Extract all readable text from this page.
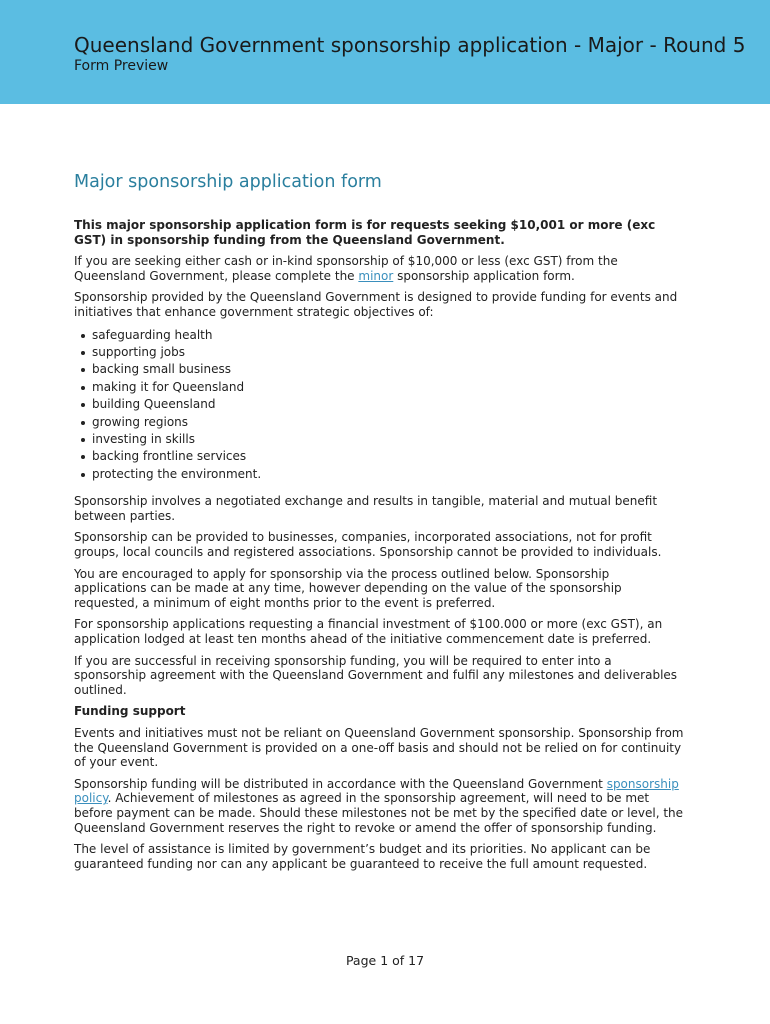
Queensland Government sponsorship application - Major - Round 5
Form Preview
Major sponsorship application form

This major sponsorship application form is for requests seeking $10,001 or more (exc GST) in sponsorship funding from the Queensland Government.

If you are seeking either cash or in-kind sponsorship of $10,000 or less (exc GST) from the Queensland Government, please complete the minor sponsorship application form.

Sponsorship provided by the Queensland Government is designed to provide funding for events and initiatives that enhance government strategic objectives of:

safeguarding health
supporting jobs
backing small business
making it for Queensland
building Queensland
growing regions
investing in skills
backing frontline services
protecting the environment.

Sponsorship involves a negotiated exchange and results in tangible, material and mutual benefit between parties.

Sponsorship can be provided to businesses, companies, incorporated associations, not for profit groups, local councils and registered associations. Sponsorship cannot be provided to individuals.

You are encouraged to apply for sponsorship via the process outlined below. Sponsorship applications can be made at any time, however depending on the value of the sponsorship requested, a minimum of eight months prior to the event is preferred.

For sponsorship applications requesting a financial investment of $100.000 or more (exc GST), an application lodged at least ten months ahead of the initiative commencement date is preferred.

If you are successful in receiving sponsorship funding, you will be required to enter into a sponsorship agreement with the Queensland Government and fulfil any milestones and deliverables outlined.

Funding support

Events and initiatives must not be reliant on Queensland Government sponsorship. Sponsorship from the Queensland Government is provided on a one-off basis and should not be relied on for continuity of your event.

Sponsorship funding will be distributed in accordance with the Queensland Government sponsorship policy. Achievement of milestones as agreed in the sponsorship agreement, will need to be met before payment can be made. Should these milestones not be met by the specified date or level, the Queensland Government reserves the right to revoke or amend the offer of sponsorship funding.

The level of assistance is limited by government’s budget and its priorities. No applicant can be guaranteed funding nor can any applicant be guaranteed to receive the full amount requested.

Page 1 of 17
